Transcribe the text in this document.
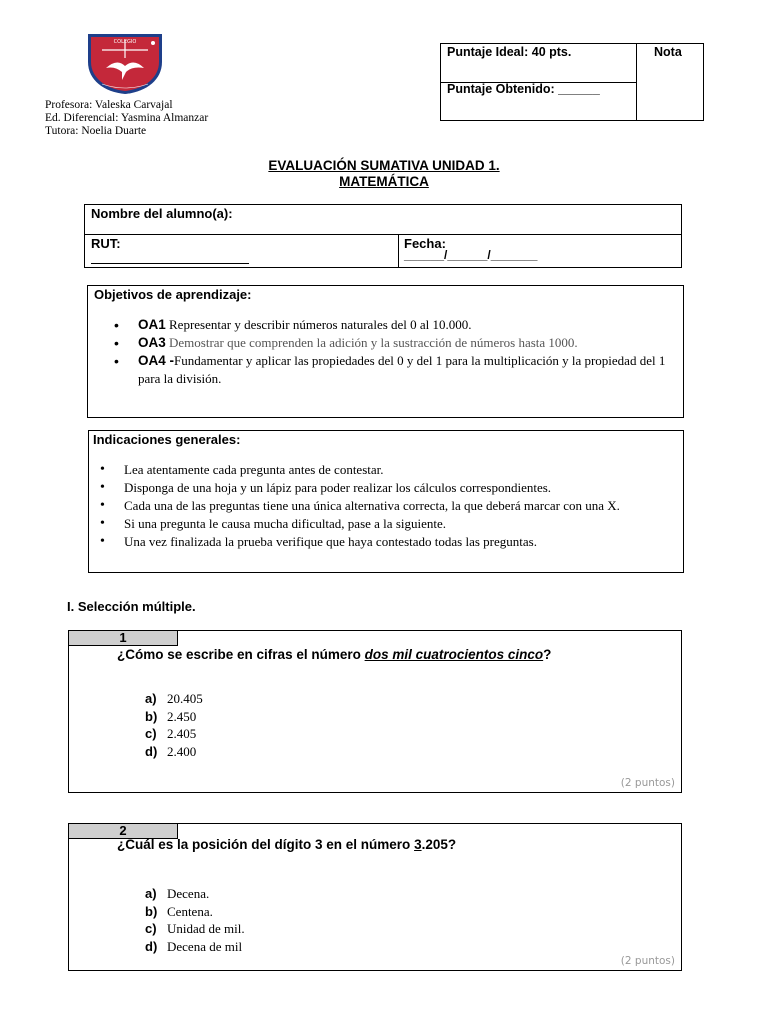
COLEGIO
Profesora: Valeska Carvajal
Ed. Diferencial: Yasmina Almanzar
Tutora: Noelia Duarte
Puntaje Ideal: 40 pts.
Puntaje Obtenido: ______
Nota
EVALUACIÓN SUMATIVA UNIDAD 1.
MATEMÁTICA
Nombre del alumno(a):
RUT:	Fecha:
______/______/_______
Objetivos de aprendizaje:
• OA1 Representar y describir números naturales del 0 al 10.000.
• OA3 Demostrar que comprenden la adición y la sustracción de números hasta 1000.
• OA4 -Fundamentar y aplicar las propiedades del 0 y del 1 para la multiplicación y la propiedad del 1 para la división.
Indicaciones generales:
• Lea atentamente cada pregunta antes de contestar.
• Disponga de una hoja y un lápiz para poder realizar los cálculos correspondientes.
• Cada una de las preguntas tiene una única alternativa correcta, la que deberá marcar con una X.
• Si una pregunta le causa mucha dificultad, pase a la siguiente.
• Una vez finalizada la prueba verifique que haya contestado todas las preguntas.
I. Selección múltiple.
1
¿Cómo se escribe en cifras el número dos mil cuatrocientos cinco?
a) 20.405
b) 2.450
c) 2.405
d) 2.400
(2 puntos)
2
¿Cuál es la posición del dígito 3 en el número 3.205?
a) Decena.
b) Centena.
c) Unidad de mil.
d) Decena de mil
(2 puntos)
